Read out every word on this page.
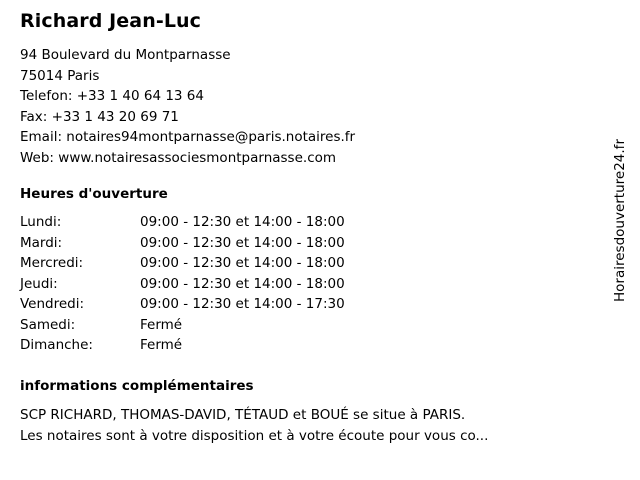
Richard Jean-Luc
94 Boulevard du Montparnasse
75014 Paris
Telefon: +33 1 40 64 13 64
Fax: +33 1 43 20 69 71
Email: notaires94montparnasse@paris.notaires.fr
Web: www.notairesassociesmontparnasse.com
Heures d'ouverture
Lundi:	09:00 - 12:30 et 14:00 - 18:00
Mardi:	09:00 - 12:30 et 14:00 - 18:00
Mercredi:	09:00 - 12:30 et 14:00 - 18:00
Jeudi:	09:00 - 12:30 et 14:00 - 18:00
Vendredi:	09:00 - 12:30 et 14:00 - 17:30
Samedi:	Fermé
Dimanche:	Fermé
informations complémentaires
SCP RICHARD, THOMAS-DAVID, TÉTAUD et BOUÉ se situe à PARIS.
Les notaires sont à votre disposition et à votre écoute pour vous co...
Horairesdouverture24.fr
